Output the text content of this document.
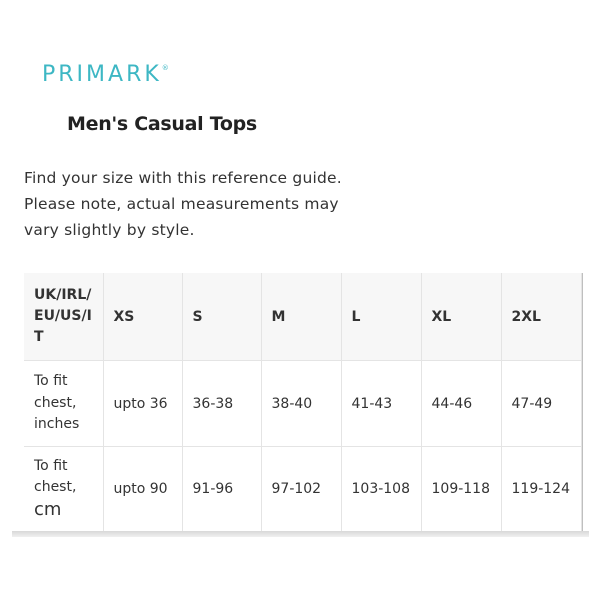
PRIMARK®
Men's Casual Tops
Find your size with this reference guide.
Please note, actual measurements may
vary slightly by style.
UK/IRL/
EU/US/I
T	XS	S	M	L	XL	2XL
To fit
chest,
inches	upto 36	36-38	38-40	41-43	44-46	47-49
To fit
chest,
cm	upto 90	91-96	97-102	103-108	109-118	119-124
